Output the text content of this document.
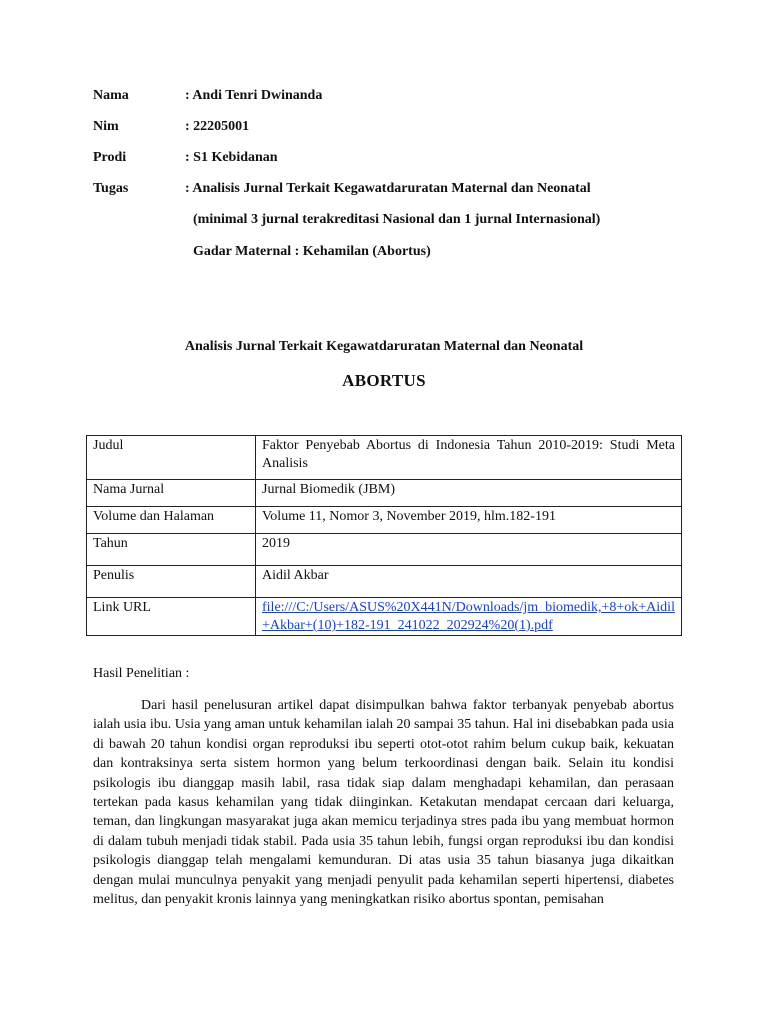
Nama	: Andi Tenri Dwinanda
Nim	: 22205001
Prodi	: S1 Kebidanan
Tugas	: Analisis Jurnal Terkait Kegawatdaruratan Maternal dan Neonatal
(minimal 3 jurnal terakreditasi Nasional dan 1 jurnal Internasional)
Gadar Maternal : Kehamilan (Abortus)
Analisis Jurnal Terkait Kegawatdaruratan Maternal dan Neonatal
ABORTUS
Judul	Faktor Penyebab Abortus di Indonesia Tahun 2010-2019: Studi Meta Analisis
Nama Jurnal	Jurnal Biomedik (JBM)
Volume dan Halaman	Volume 11, Nomor 3, November 2019, hlm.182-191
Tahun	2019
Penulis	Aidil Akbar
Link URL	file:///C:/Users/ASUS%20X441N/Downloads/jm_biomedik,+8+ok+Aidil+Akbar+(10)+182-191_241022_202924%20(1).pdf
Hasil Penelitian :

Dari hasil penelusuran artikel dapat disimpulkan bahwa faktor terbanyak penyebab abortus ialah usia ibu. Usia yang aman untuk kehamilan ialah 20 sampai 35 tahun. Hal ini disebabkan pada usia di bawah 20 tahun kondisi organ reproduksi ibu seperti otot-otot rahim belum cukup baik, kekuatan dan kontraksinya serta sistem hormon yang belum terkoordinasi dengan baik. Selain itu kondisi psikologis ibu dianggap masih labil, rasa tidak siap dalam menghadapi kehamilan, dan perasaan tertekan pada kasus kehamilan yang tidak diinginkan. Ketakutan mendapat cercaan dari keluarga, teman, dan lingkungan masyarakat juga akan memicu terjadinya stres pada ibu yang membuat hormon di dalam tubuh menjadi tidak stabil. Pada usia 35 tahun lebih, fungsi organ reproduksi ibu dan kondisi psikologis dianggap telah mengalami kemunduran. Di atas usia 35 tahun biasanya juga dikaitkan dengan mulai munculnya penyakit yang menjadi penyulit pada kehamilan seperti hipertensi, diabetes melitus, dan penyakit kronis lainnya yang meningkatkan risiko abortus spontan, pemisahan
